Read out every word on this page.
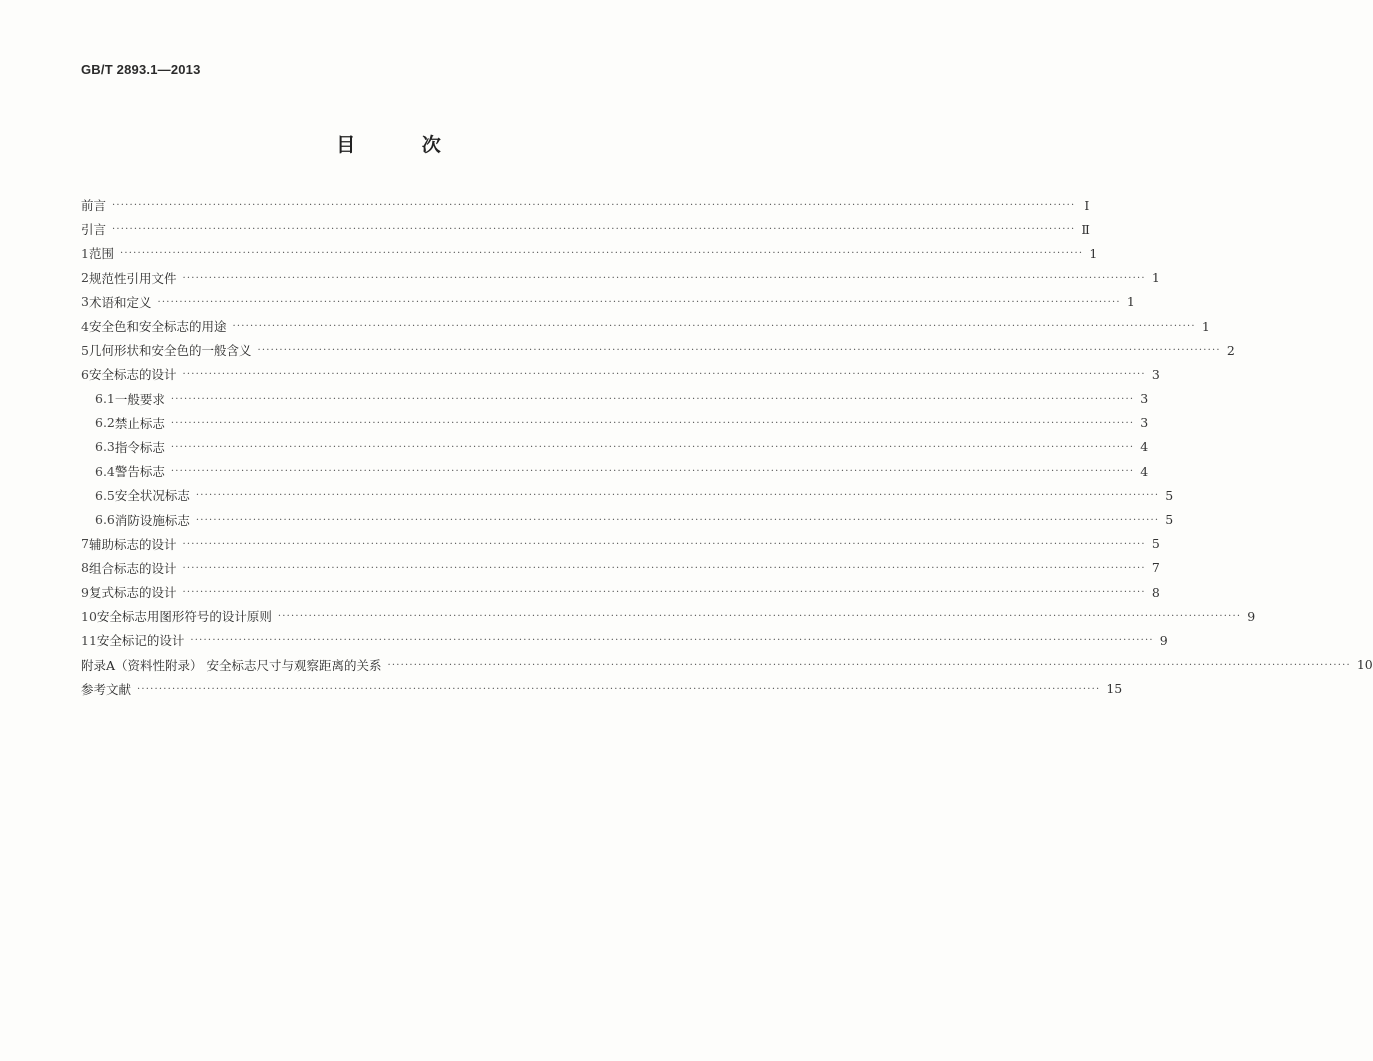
GB/T 2893.1—2013
目 次
前言 ···························································································································································································································· Ⅰ
引言 ···························································································································································································································· Ⅱ
1 范围 ···························································································································································································································· 1
2 规范性引用文件 ···························································································································································································································· 1
3 术语和定义 ···························································································································································································································· 1
4 安全色和安全标志的用途 ···························································································································································································································· 1
5 几何形状和安全色的一般含义 ···························································································································································································································· 2
6 安全标志的设计 ···························································································································································································································· 3
6.1 一般要求 ···························································································································································································································· 3
6.2 禁止标志 ···························································································································································································································· 3
6.3 指令标志 ···························································································································································································································· 4
6.4 警告标志 ···························································································································································································································· 4
6.5 安全状况标志 ···························································································································································································································· 5
6.6 消防设施标志 ···························································································································································································································· 5
7 辅助标志的设计 ···························································································································································································································· 5
8 组合标志的设计 ···························································································································································································································· 7
9 复式标志的设计 ···························································································································································································································· 8
10 安全标志用图形符号的设计原则 ···························································································································································································································· 9
11 安全标记的设计 ···························································································································································································································· 9
附录A（资料性附录） 安全标志尺寸与观察距离的关系 ···························································································································································································································· 10
参考文献 ···························································································································································································································· 15
